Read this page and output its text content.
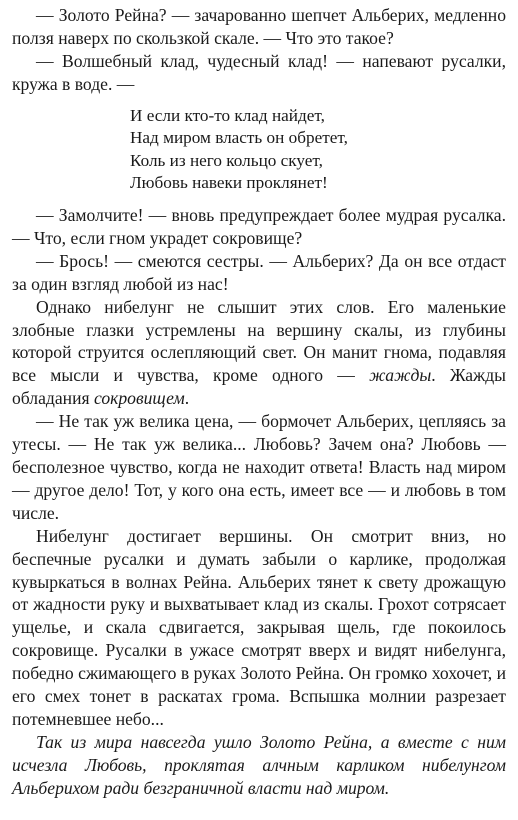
— Золото Рейна? — зачарованно шепчет Альберих, медленно ползя наверх по скользкой скале. — Что это такое?

— Волшебный клад, чудесный клад! — напевают русалки, кружа в воде. —

И если кто-то клад найдет,
Над миром власть он обретет,
Коль из него кольцо скует,
Любовь навеки проклянет!

— Замолчите! — вновь предупреждает более мудрая русалка. — Что, если гном украдет сокровище?

— Брось! — смеются сестры. — Альберих? Да он все отдаст за один взгляд любой из нас!

Однако нибелунг не слышит этих слов. Его маленькие злобные глазки устремлены на вершину скалы, из глубины которой струится ослепляющий свет. Он манит гнома, подавляя все мысли и чувства, кроме одного — жажды. Жажды обладания сокровищем.

— Не так уж велика цена, — бормочет Альберих, цепляясь за утесы. — Не так уж велика... Любовь? Зачем она? Любовь — бесполезное чувство, когда не находит ответа! Власть над миром — другое дело! Тот, у кого она есть, имеет все — и любовь в том числе.

Нибелунг достигает вершины. Он смотрит вниз, но беспечные русалки и думать забыли о карлике, продолжая кувыркаться в волнах Рейна. Альберих тянет к свету дрожащую от жадности руку и выхватывает клад из скалы. Грохот сотрясает ущелье, и скала сдвигается, закрывая щель, где покоилось сокровище. Русалки в ужасе смотрят вверх и видят нибелунга, победно сжимающего в руках Золото Рейна. Он громко хохочет, и его смех тонет в раскатах грома. Вспышка молнии разрезает потемневшее небо...

Так из мира навсегда ушло Золото Рейна, а вместе с ним исчезла Любовь, проклятая алчным карликом нибелунгом Альберихом ради безграничной власти над миром.
